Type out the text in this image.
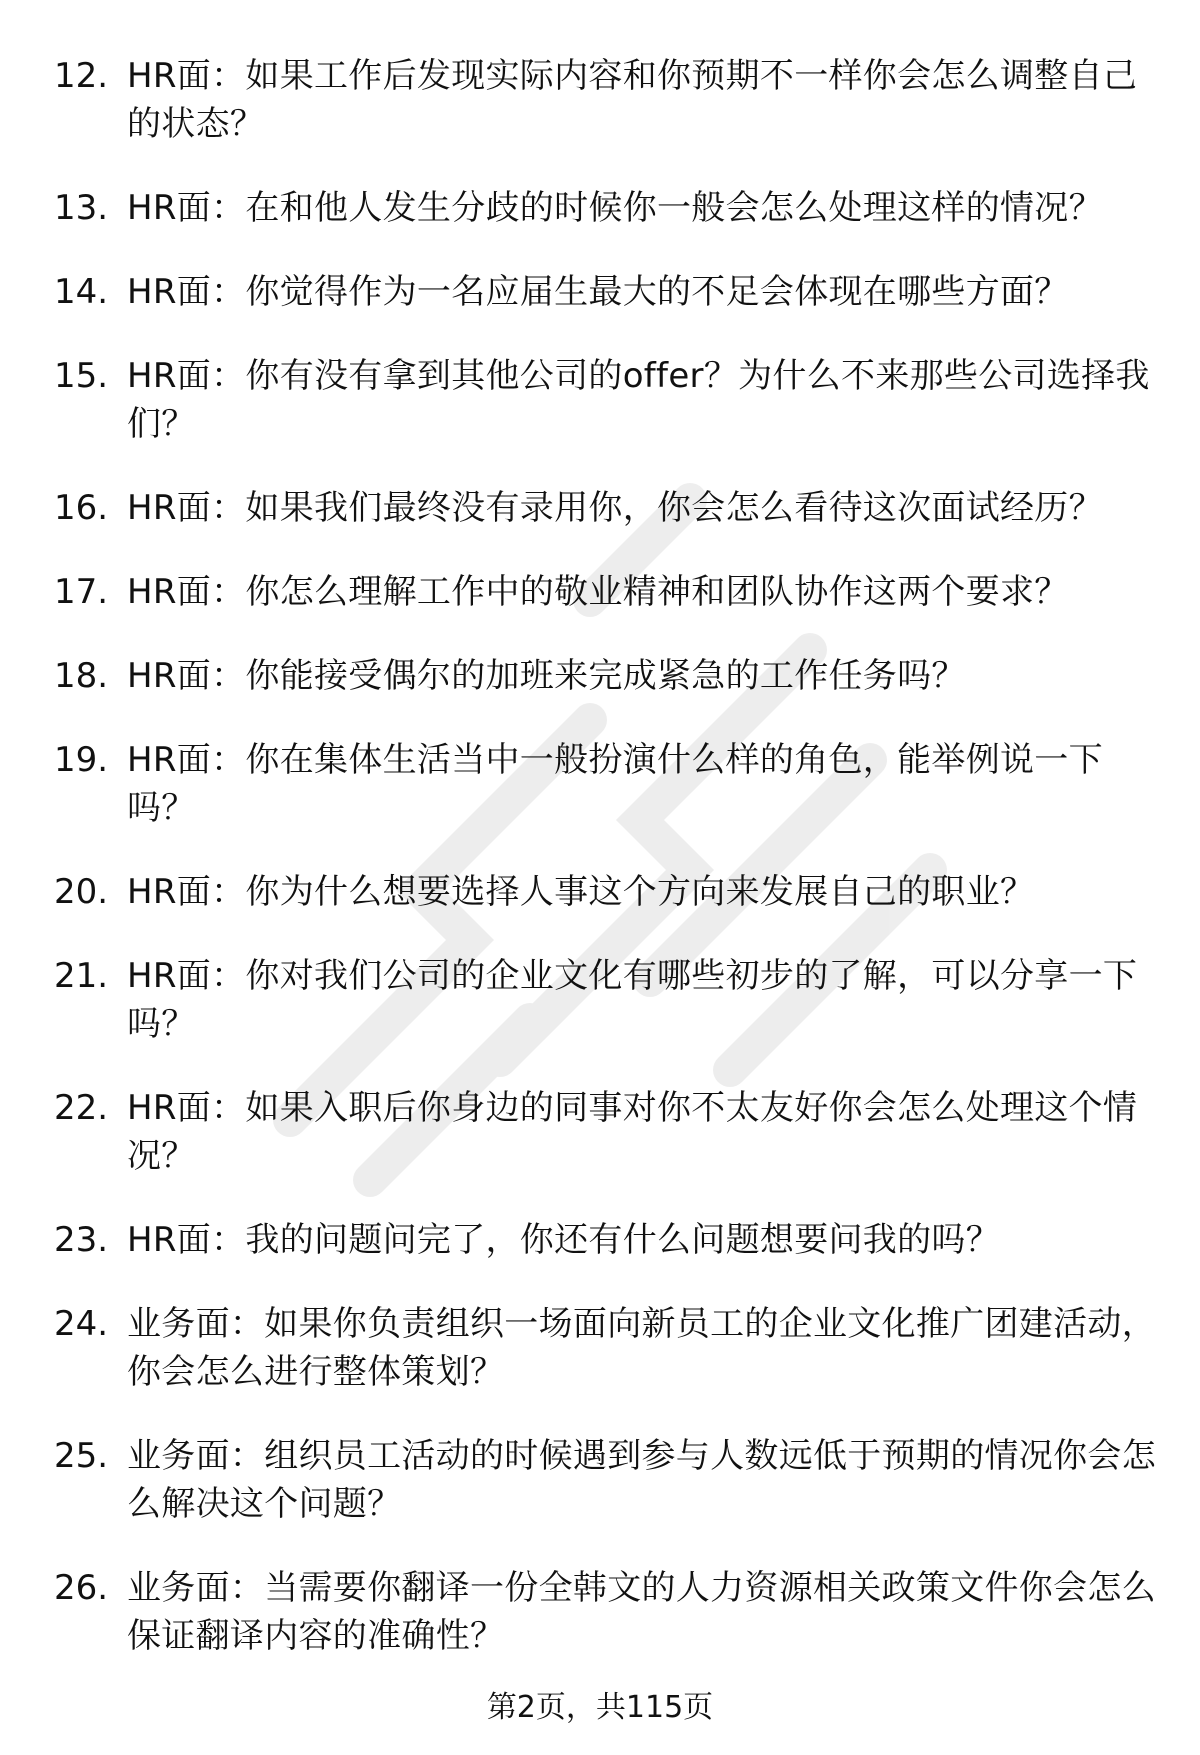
12. HR面：如果工作后发现实际内容和你预期不一样你会怎么调整自己的状态？
13. HR面：在和他人发生分歧的时候你一般会怎么处理这样的情况？
14. HR面：你觉得作为一名应届生最大的不足会体现在哪些方面？
15. HR面：你有没有拿到其他公司的offer？为什么不来那些公司选择我们？
16. HR面：如果我们最终没有录用你，你会怎么看待这次面试经历？
17. HR面：你怎么理解工作中的敬业精神和团队协作这两个要求？
18. HR面：你能接受偶尔的加班来完成紧急的工作任务吗？
19. HR面：你在集体生活当中一般扮演什么样的角色，能举例说一下吗？
20. HR面：你为什么想要选择人事这个方向来发展自己的职业？
21. HR面：你对我们公司的企业文化有哪些初步的了解，可以分享一下吗？
22. HR面：如果入职后你身边的同事对你不太友好你会怎么处理这个情况？
23. HR面：我的问题问完了，你还有什么问题想要问我的吗？
24. 业务面：如果你负责组织一场面向新员工的企业文化推广团建活动，你会怎么进行整体策划？
25. 业务面：组织员工活动的时候遇到参与人数远低于预期的情况你会怎么解决这个问题？
26. 业务面：当需要你翻译一份全韩文的人力资源相关政策文件你会怎么保证翻译内容的准确性？
第2页，共115页
